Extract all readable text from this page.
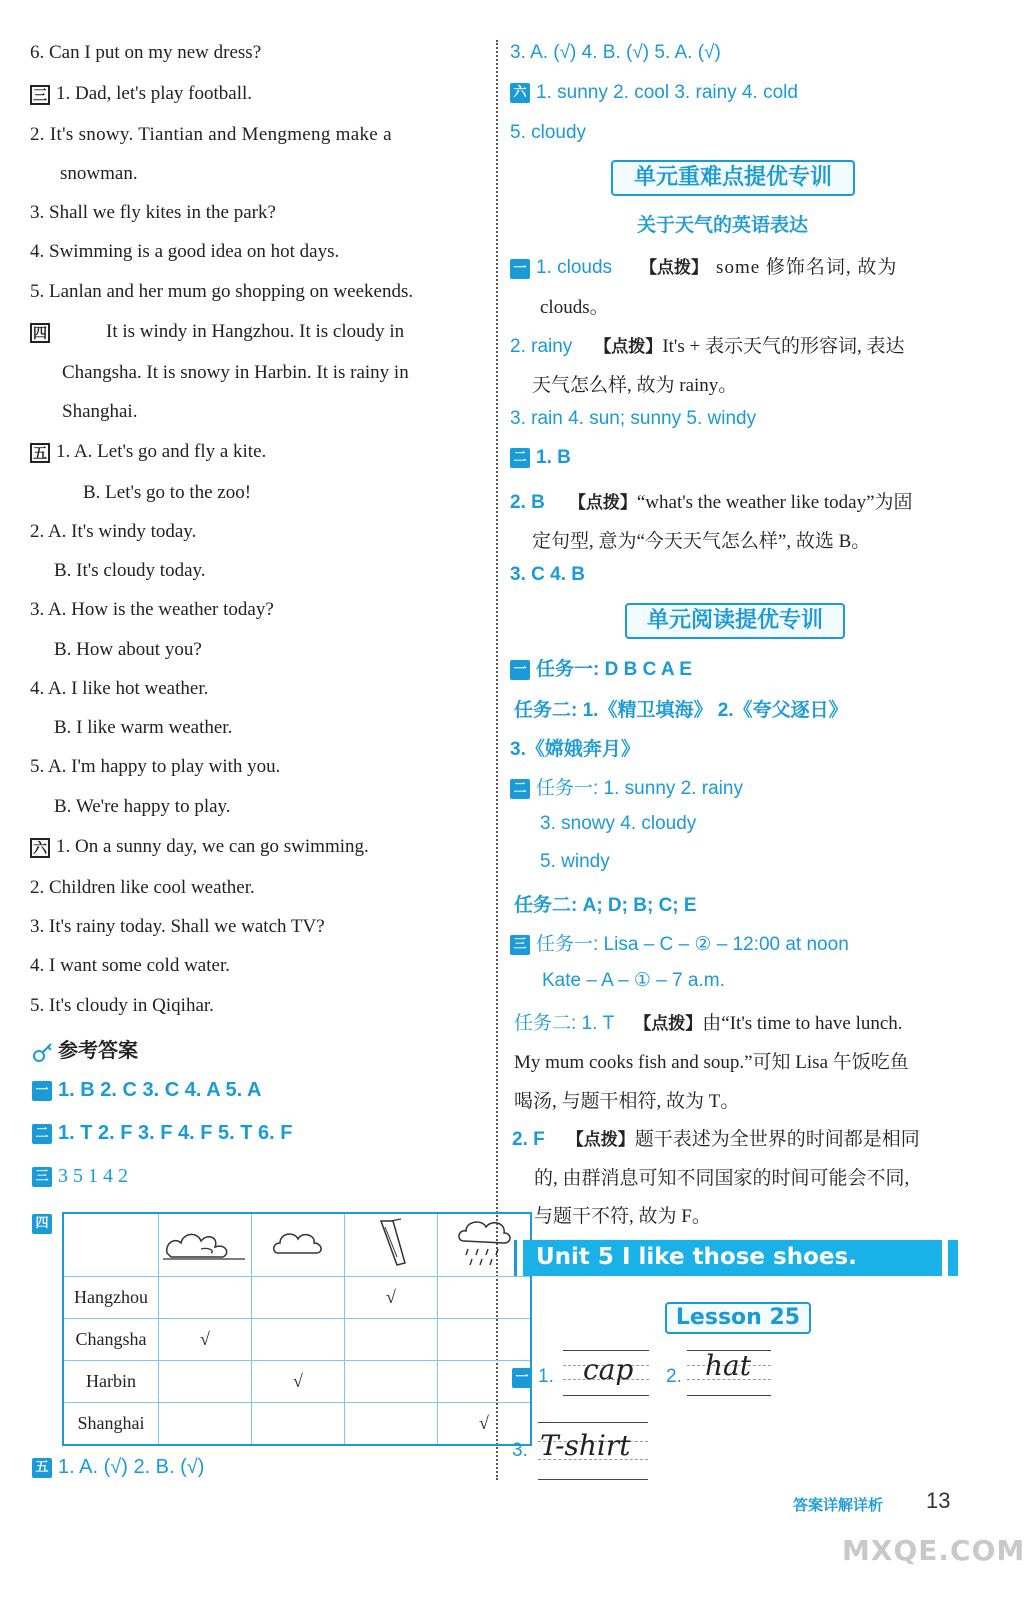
6. Can I put on my new dress?
三 1. Dad, let's play football.
2. It's snowy. Tiantian and Mengmeng make a
snowman.
3. Shall we fly kites in the park?
4. Swimming is a good idea on hot days.
5. Lanlan and her mum go shopping on weekends.
四	It is windy in Hangzhou. It is cloudy in
Changsha. It is snowy in Harbin. It is rainy in
Shanghai.
五 1. A. Let's go and fly a kite.
B. Let's go to the zoo!
2. A. It's windy today.
B. It's cloudy today.
3. A. How is the weather today?
B. How about you?
4. A. I like hot weather.
B. I like warm weather.
5. A. I'm happy to play with you.
B. We're happy to play.
六 1. On a sunny day, we can go swimming.
2. Children like cool weather.
3. It's rainy today. Shall we watch TV?
4. I want some cold water.
5. It's cloudy in Qiqihar.
参考答案
一 1. B 2. C 3. C 4. A 5. A
二 1. T 2. F 3. F 4. F 5. T 6. F
三 3 5 1 4 2
四

Hangzhou			√	
Changsha	√			
Harbin		√		
Shanghai				√
五 1. A. (√) 2. B. (√)
3. A. (√) 4. B. (√) 5. A. (√)
六 1. sunny 2. cool 3. rainy 4. cold
5. cloudy
单元重难点提优专训
关于天气的英语表达
一 1. clouds 【点拨】 some 修饰名词, 故为
clouds。
2. rainy 【点拨】It's + 表示天气的形容词, 表达
天气怎么样, 故为 rainy。
3. rain 4. sun; sunny 5. windy
二 1. B
2. B 【点拨】“what's the weather like today”为固
定句型, 意为“今天天气怎么样”, 故选 B。
3. C 4. B
单元阅读提优专训
一 任务一: D B C A E
任务二: 1.《精卫填海》 2.《夸父逐日》
3.《嫦娥奔月》
二 任务一: 1. sunny 2. rainy
3. snowy 4. cloudy
5. windy
任务二: A; D; B; C; E
三 任务一: Lisa – C – ② – 12:00 at noon
Kate – A – ① – 7 a.m.
任务二: 1. T 【点拨】由“It's time to have lunch.
My mum cooks fish and soup.”可知 Lisa 午饭吃鱼
喝汤, 与题干相符, 故为 T。
2. F 【点拨】题干表述为全世界的时间都是相同
的, 由群消息可知不同国家的时间可能会不同,
与题干不符, 故为 F。
Unit 5 I like those shoes.
Lesson 25
一 1. cap 2. hat
3. T-shirt
答案详解详析 13
MXQE.COM
